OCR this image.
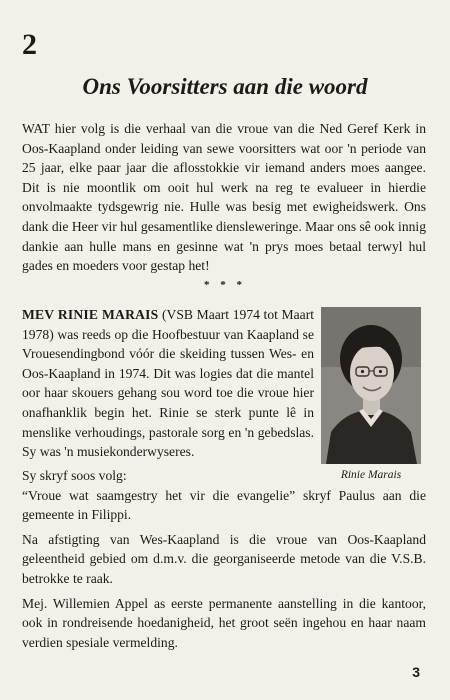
2
Ons Voorsitters aan die woord

WAT hier volg is die verhaal van die vroue van die Ned Geref Kerk in Oos-Kaapland onder leiding van sewe voorsitters wat oor 'n periode van 25 jaar, elke paar jaar die aflosstokkie vir iemand anders moes aangee. Dit is nie moontlik om ooit hul werk na reg te evalueer in hierdie onvolmaakte tydsgewrig nie. Hulle was besig met ewigheidswerk. Ons dank die Heer vir hul gesamentlike diensleweringe. Maar ons sê ook innig dankie aan hulle mans en gesinne wat 'n prys moes betaal terwyl hul gades en moeders voor gestap het!

* * *

MEV RINIE MARAIS (VSB Maart 1974 tot Maart 1978) was reeds op die Hoofbestuur van Kaapland se Vrouesendingbond vóór die skeiding tussen Wes- en Oos-Kaapland in 1974. Dit was logies dat die mantel oor haar skouers gehang sou word toe die vroue hier onafhanklik begin het. Rinie se sterk punte lê in menslike verhoudings, pastorale sorg en 'n gebedslas. Sy was 'n musiekonderwyseres.

Rinie Marais

Sy skryf soos volg:

“Vroue wat saamgestry het vir die evangelie” skryf Paulus aan die gemeente in Filippi.

Na afstigting van Wes-Kaapland is die vroue van Oos-Kaapland geleentheid gebied om d.m.v. die georganiseerde metode van die V.S.B. betrokke te raak.

Mej. Willemien Appel as eerste permanente aanstelling in die kantoor, ook in rondreisende hoedanigheid, het groot seën ingehou en haar naam verdien spesiale vermelding.

3
